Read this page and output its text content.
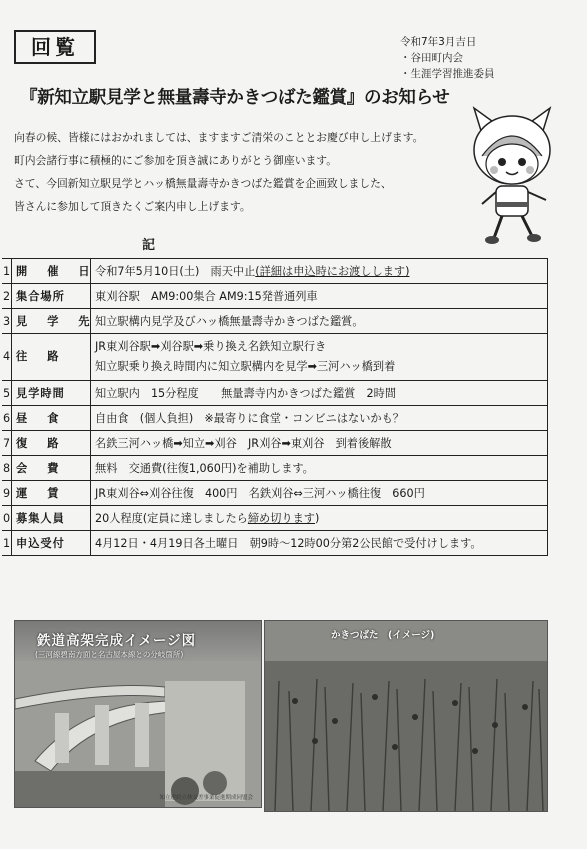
回覧	令和7年3月吉日
・谷田町内会
・生涯学習推進委員
『新知立駅見学と無量壽寺かきつばた鑑賞』のお知らせ
向春の候、皆様にはおかれましては、ますますご清栄のこととお慶び申し上げます。
町内会諸行事に積極的にご参加を頂き誠にありがとう御座います。
さて、今回新知立駅見学とハッ橋無量壽寺かきつばた鑑賞を企画致しました、
皆さんに参加して頂きたくご案内申し上げます。
記
1	開催日	令和7年5月10日(土)　雨天中止(詳細は申込時にお渡しします)
2	集合場所	東刈谷駅　AM9:00集合 AM9:15発普通列車
3	見学先	知立駅構内見学及びハッ橋無量壽寺かきつばた鑑賞。
4	往路	JR東刈谷駅➡刈谷駅➡乗り換え名鉄知立駅行き
知立駅乗り換え時間内に知立駅構内を見学➡三河ハッ橋到着

5	見学時間	知立駅内　15分程度　　無量壽寺内かきつばた鑑賞　2時間
6	昼食	自由食　(個人負担)　※最寄りに食堂・コンビニはないかも？
7	復路	名鉄三河ハッ橋➡知立➡刈谷　JR刈谷➡東刈谷　到着後解散
8	会費	無料　交通費(往復1,060円)を補助します。
9	運賃	JR東刈谷⇔刈谷往復　400円　名鉄刈谷⇔三河ハッ橋往復　660円
0	募集人員	20人程度(定員に達しましたら締め切ります)
1	申込受付	4月12日・4月19日各土曜日　朝9時～12時00分第2公民館で受付けします。
鉄道高架完成イメージ図
(三河線碧南方面と名古屋本線との分岐箇所)
知立連続立体交差事業促進期成同盟会
かきつばた　(イメージ)
